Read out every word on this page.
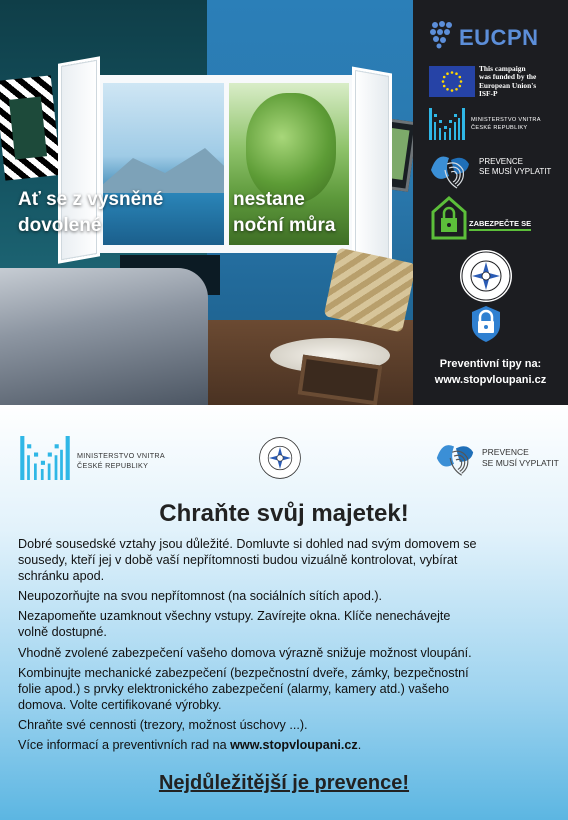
Ať se z vysněné
dovolené
nestane
noční můra
EUCPN
This campaign
was funded by the
European Union's
ISF-P
MINISTERSTVO VNITRA
ČESKÉ REPUBLIKY
PREVENCE
SE MUSÍ VYPLATIT
ZABEZPEČTE SE
Preventivní tipy na:
www.stopvloupani.cz
MINISTERSTVO VNITRA
ČESKÉ REPUBLIKY
PREVENCE
SE MUSÍ VYPLATIT
Chraňte svůj majetek!
Dobré sousedské vztahy jsou důležité. Domluvte si dohled nad svým domovem se
sousedy, kteří jej v době vaší nepřítomnosti budou vizuálně kontrolovat, vybírat
schránku apod.
Neupozorňujte na svou nepřítomnost (na sociálních sítích apod.).
Nezapomeňte uzamknout všechny vstupy. Zavírejte okna. Klíče nenechávejte
volně dostupné.
Vhodně zvolené zabezpečení vašeho domova výrazně snižuje možnost vloupání.
Kombinujte mechanické zabezpečení (bezpečnostní dveře, zámky, bezpečnostní
folie apod.) s prvky elektronického zabezpečení (alarmy, kamery atd.) vašeho
domova. Volte certifikované výrobky.
Chraňte své cennosti (trezory, možnost úschovy ...).
Více informací a preventivních rad na www.stopvloupani.cz.
Nejdůležitější je prevence!
